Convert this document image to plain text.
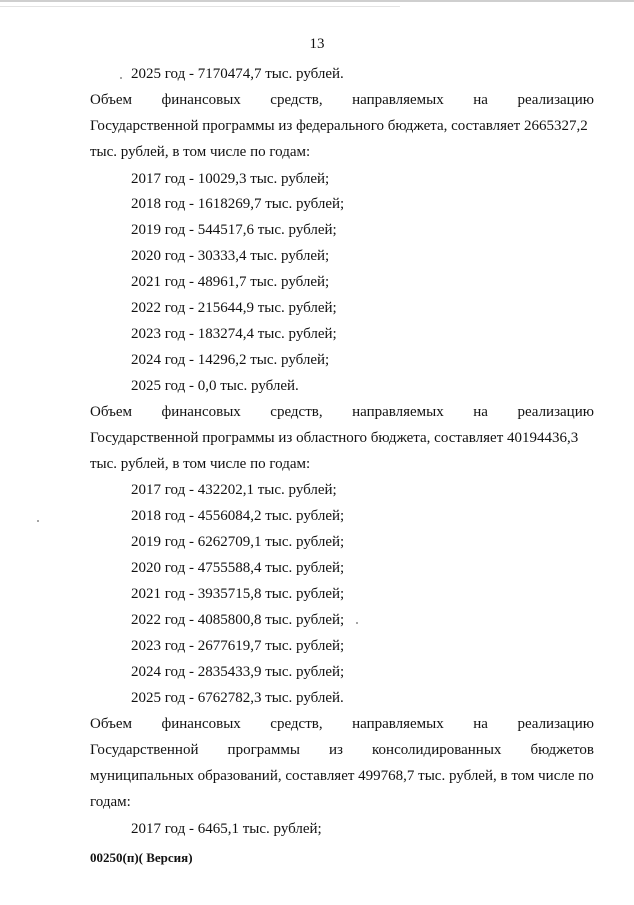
13
2025 год - 7170474,7 тыс. рублей.
Объем финансовых средств, направляемых на реализацию
Государственной программы из федерального бюджета, составляет 2665327,2
тыс. рублей, в том числе по годам:
2017 год - 10029,3 тыс. рублей;
2018 год - 1618269,7 тыс. рублей;
2019 год - 544517,6 тыс. рублей;
2020 год - 30333,4 тыс. рублей;
2021 год - 48961,7 тыс. рублей;
2022 год - 215644,9 тыс. рублей;
2023 год - 183274,4 тыс. рублей;
2024 год - 14296,2 тыс. рублей;
2025 год - 0,0 тыс. рублей.
Объем финансовых средств, направляемых на реализацию
Государственной программы из областного бюджета, составляет 40194436,3
тыс. рублей, в том числе по годам:
2017 год - 432202,1 тыс. рублей;
2018 год - 4556084,2 тыс. рублей;
2019 год - 6262709,1 тыс. рублей;
2020 год - 4755588,4 тыс. рублей;
2021 год - 3935715,8 тыс. рублей;
2022 год - 4085800,8 тыс. рублей;
2023 год - 2677619,7 тыс. рублей;
2024 год - 2835433,9 тыс. рублей;
2025 год - 6762782,3 тыс. рублей.
Объем финансовых средств, направляемых на реализацию
Государственной программы из консолидированных бюджетов
муниципальных образований, составляет 499768,7 тыс. рублей, в том числе по
годам:
2017 год - 6465,1 тыс. рублей;
00250(п)( Версия)
